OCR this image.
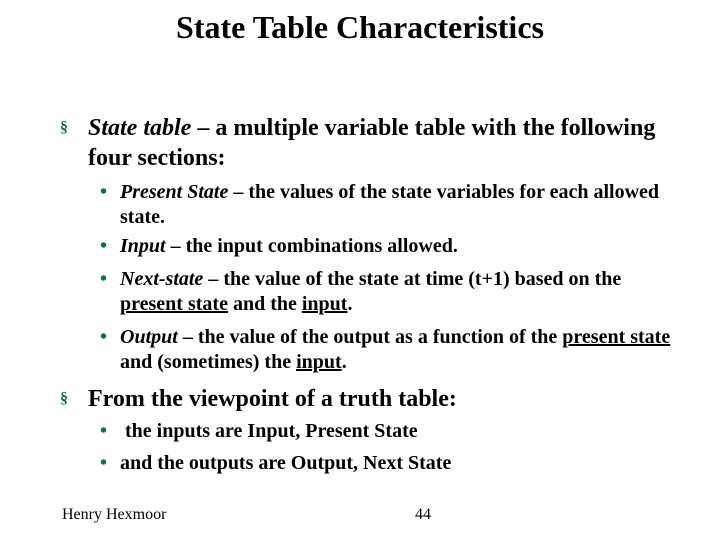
State Table Characteristics
§ State table – a multiple variable table with the following four sections:
• Present State – the values of the state variables for each allowed state.
• Input – the input combinations allowed.
• Next-state – the value of the state at time (t+1) based on the present state and the input.
• Output – the value of the output as a function of the present state and (sometimes) the input.
§ From the viewpoint of a truth table:
• the inputs are Input, Present State
• and the outputs are Output, Next State
Henry Hexmoor	44
